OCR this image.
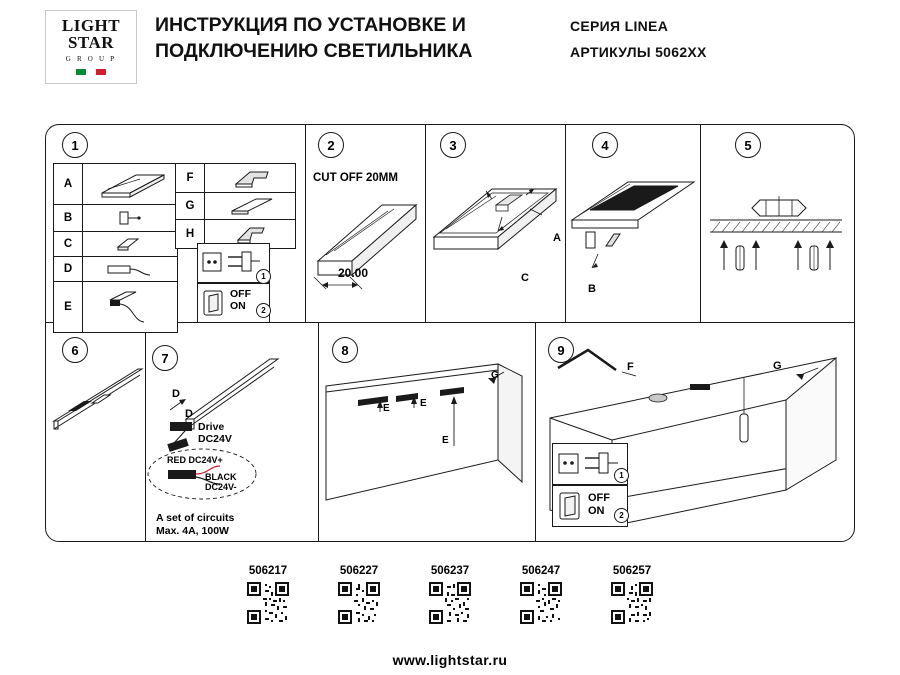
LIGHT
STAR
G R O U P
ИНСТРУКЦИЯ ПО УСТАНОВКЕ И ПОДКЛЮЧЕНИЮ СВЕТИЛЬНИКА
СЕРИЯ LINEA
АРТИКУЛЫ 5062ХХ
1	2	3	4	5
6
7
8	9
A	

B	

C	

D	

E	
F	

G	

H	
1
OFF
ON	2
CUT OFF 20MM
20.00
A
C
B
D
D
Drive
DC24V
RED DC24V+
BLACK
DC24V-
A set of circuits
Max. 4A, 100W
E	E
E
G
F	G
1
OFF
ON	2
506217	506227	506237	506247	506257
www.lightstar.ru
